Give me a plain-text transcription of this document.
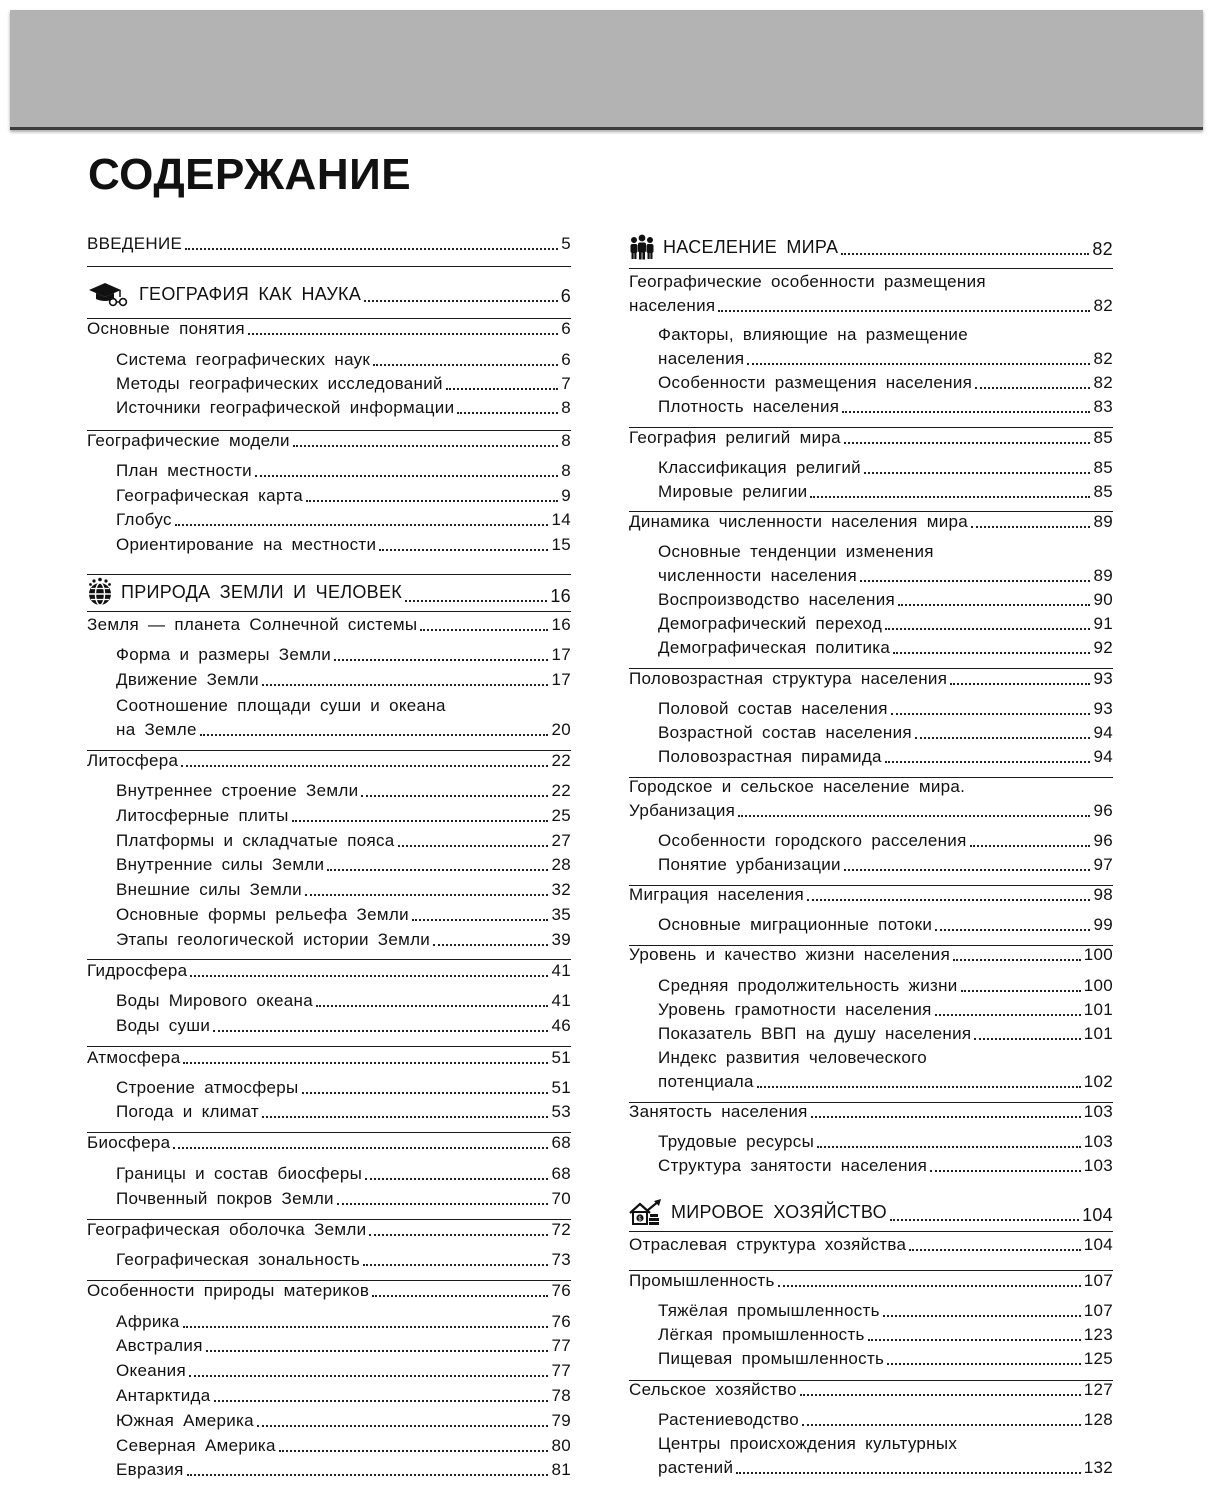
СОДЕРЖАНИЕ
ВВЕДЕНИЕ	5
ГЕОГРАФИЯ КАК НАУКА	6
Основные понятия	6
Система географических наук	6
Методы географических исследований	7
Источники географической информации	8
Географические модели	8
План местности	8
Географическая карта	9
Глобус	14
Ориентирование на местности	15
ПРИРОДА ЗЕМЛИ И ЧЕЛОВЕК	16
Земля — планета Солнечной системы	16
Форма и размеры Земли	17
Движение Земли	17
Соотношение площади суши и океана
на Земле	20
Литосфера	22
Внутреннее строение Земли	22
Литосферные плиты	25
Платформы и складчатые пояса	27
Внутренние силы Земли	28
Внешние силы Земли	32
Основные формы рельефа Земли	35
Этапы геологической истории Земли	39
Гидросфера	41
Воды Мирового океана	41
Воды суши	46
Атмосфера	51
Строение атмосферы	51
Погода и климат	53
Биосфера	68
Границы и состав биосферы	68
Почвенный покров Земли	70
Географическая оболочка Земли	72
Географическая зональность	73
Особенности природы материков	76
Африка	76
Австралия	77
Океания	77
Антарктида	78
Южная Америка	79
Северная Америка	80
Евразия	81
НАСЕЛЕНИЕ МИРА	82
Географические особенности размещения
населения	82
Факторы, влияющие на размещение
населения	82
Особенности размещения населения	82
Плотность населения	83
География религий мира	85
Классификация религий	85
Мировые религии	85
Динамика численности населения мира	89
Основные тенденции изменения
численности населения	89
Воспроизводство населения	90
Демографический переход	91
Демографическая политика	92
Половозрастная структура населения	93
Половой состав населения	93
Возрастной состав населения	94
Половозрастная пирамида	94
Городское и сельское население мира.
Урбанизация	96
Особенности городского расселения	96
Понятие урбанизации	97
Миграция населения	98
Основные миграционные потоки	99
Уровень и качество жизни населения	100
Средняя продолжительность жизни	100
Уровень грамотности населения	101
Показатель ВВП на душу населения	101
Индекс развития человеческого
потенциала	102
Занятость населения	103
Трудовые ресурсы	103
Структура занятости населения	103
$ МИРОВОЕ ХОЗЯЙСТВО	104
Отраслевая структура хозяйства	104
Промышленность	107
Тяжёлая промышленность	107
Лёгкая промышленность	123
Пищевая промышленность	125
Сельское хозяйство	127
Растениеводство	128
Центры происхождения культурных
растений	132
